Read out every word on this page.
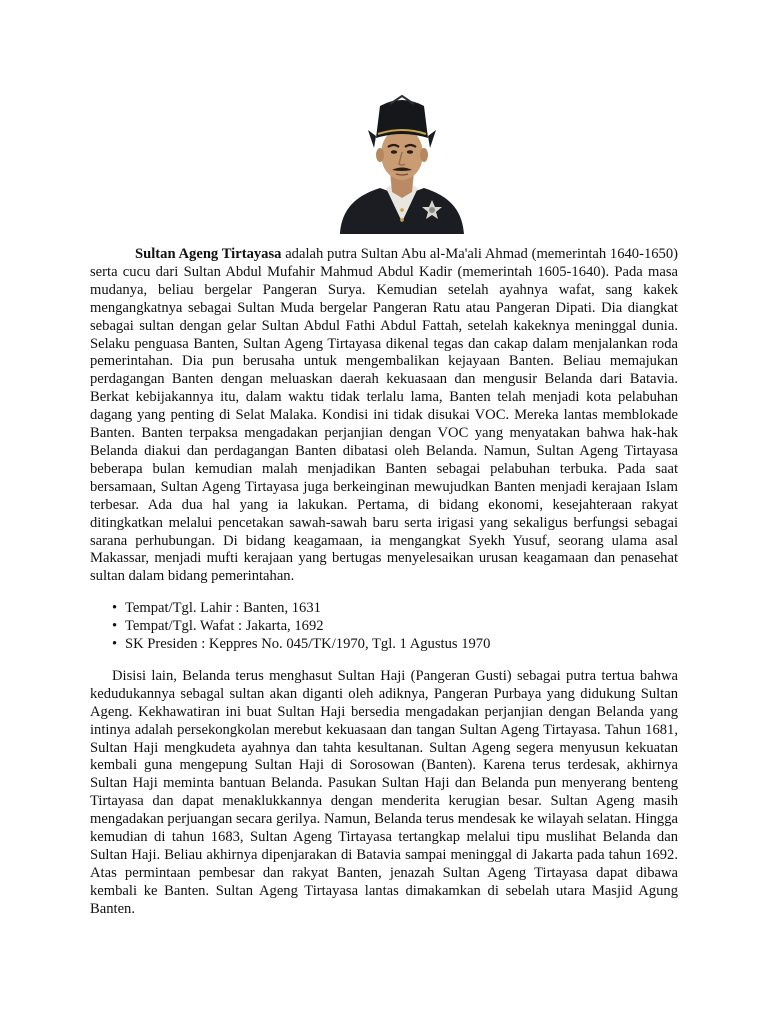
Sultan Ageng Tirtayasa adalah putra Sultan Abu al-Ma'ali Ahmad (memerintah 1640-1650) serta cucu dari Sultan Abdul Mufahir Mahmud Abdul Kadir (memerintah 1605-1640). Pada masa mudanya, beliau bergelar Pangeran Surya. Kemudian setelah ayahnya wafat, sang kakek mengangkatnya sebagai Sultan Muda bergelar Pangeran Ratu atau Pangeran Dipati. Dia diangkat sebagai sultan dengan gelar Sultan Abdul Fathi Abdul Fattah, setelah kakeknya meninggal dunia. Selaku penguasa Banten, Sultan Ageng Tirtayasa dikenal tegas dan cakap dalam menjalankan roda pemerintahan. Dia pun berusaha untuk mengembalikan kejayaan Banten. Beliau memajukan perdagangan Banten dengan meluaskan daerah kekuasaan dan mengusir Belanda dari Batavia. Berkat kebijakannya itu, dalam waktu tidak terlalu lama, Banten telah menjadi kota pelabuhan dagang yang penting di Selat Malaka. Kondisi ini tidak disukai VOC. Mereka lantas memblokade Banten. Banten terpaksa mengadakan perjanjian dengan VOC yang menyatakan bahwa hak-hak Belanda diakui dan perdagangan Banten dibatasi oleh Belanda. Namun, Sultan Ageng Tirtayasa beberapa bulan kemudian malah menjadikan Banten sebagai pelabuhan terbuka. Pada saat bersamaan, Sultan Ageng Tirtayasa juga berkeinginan mewujudkan Banten menjadi kerajaan Islam terbesar. Ada dua hal yang ia lakukan. Pertama, di bidang ekonomi, kesejahteraan rakyat ditingkatkan melalui pencetakan sawah-sawah baru serta irigasi yang sekaligus berfungsi sebagai sarana perhubungan. Di bidang keagamaan, ia mengangkat Syekh Yusuf, seorang ulama asal Makassar, menjadi mufti kerajaan yang bertugas menyelesaikan urusan keagamaan dan penasehat sultan dalam bidang pemerintahan.

• Tempat/Tgl. Lahir : Banten, 1631
• Tempat/Tgl. Wafat : Jakarta, 1692
• SK Presiden : Keppres No. 045/TK/1970, Tgl. 1 Agustus 1970

Disisi lain, Belanda terus menghasut Sultan Haji (Pangeran Gusti) sebagai putra tertua bahwa kedudukannya sebagal sultan akan diganti oleh adiknya, Pangeran Purbaya yang didukung Sultan Ageng. Kekhawatiran ini buat Sultan Haji bersedia mengadakan perjanjian dengan Belanda yang intinya adalah persekongkolan merebut kekuasaan dan tangan Sultan Ageng Tirtayasa. Tahun 1681, Sultan Haji mengkudeta ayahnya dan tahta kesultanan. Sultan Ageng segera menyusun kekuatan kembali guna mengepung Sultan Haji di Sorosowan (Banten). Karena terus terdesak, akhirnya Sultan Haji meminta bantuan Belanda. Pasukan Sultan Haji dan Belanda pun menyerang benteng Tirtayasa dan dapat menaklukkannya dengan menderita kerugian besar. Sultan Ageng masih mengadakan perjuangan secara gerilya. Namun, Belanda terus mendesak ke wilayah selatan. Hingga kemudian di tahun 1683, Sultan Ageng Tirtayasa tertangkap melalui tipu muslihat Belanda dan Sultan Haji. Beliau akhirnya dipenjarakan di Batavia sampai meninggal di Jakarta pada tahun 1692. Atas permintaan pembesar dan rakyat Banten, jenazah Sultan Ageng Tirtayasa dapat dibawa kembali ke Banten. Sultan Ageng Tirtayasa lantas dimakamkan di sebelah utara Masjid Agung Banten.
